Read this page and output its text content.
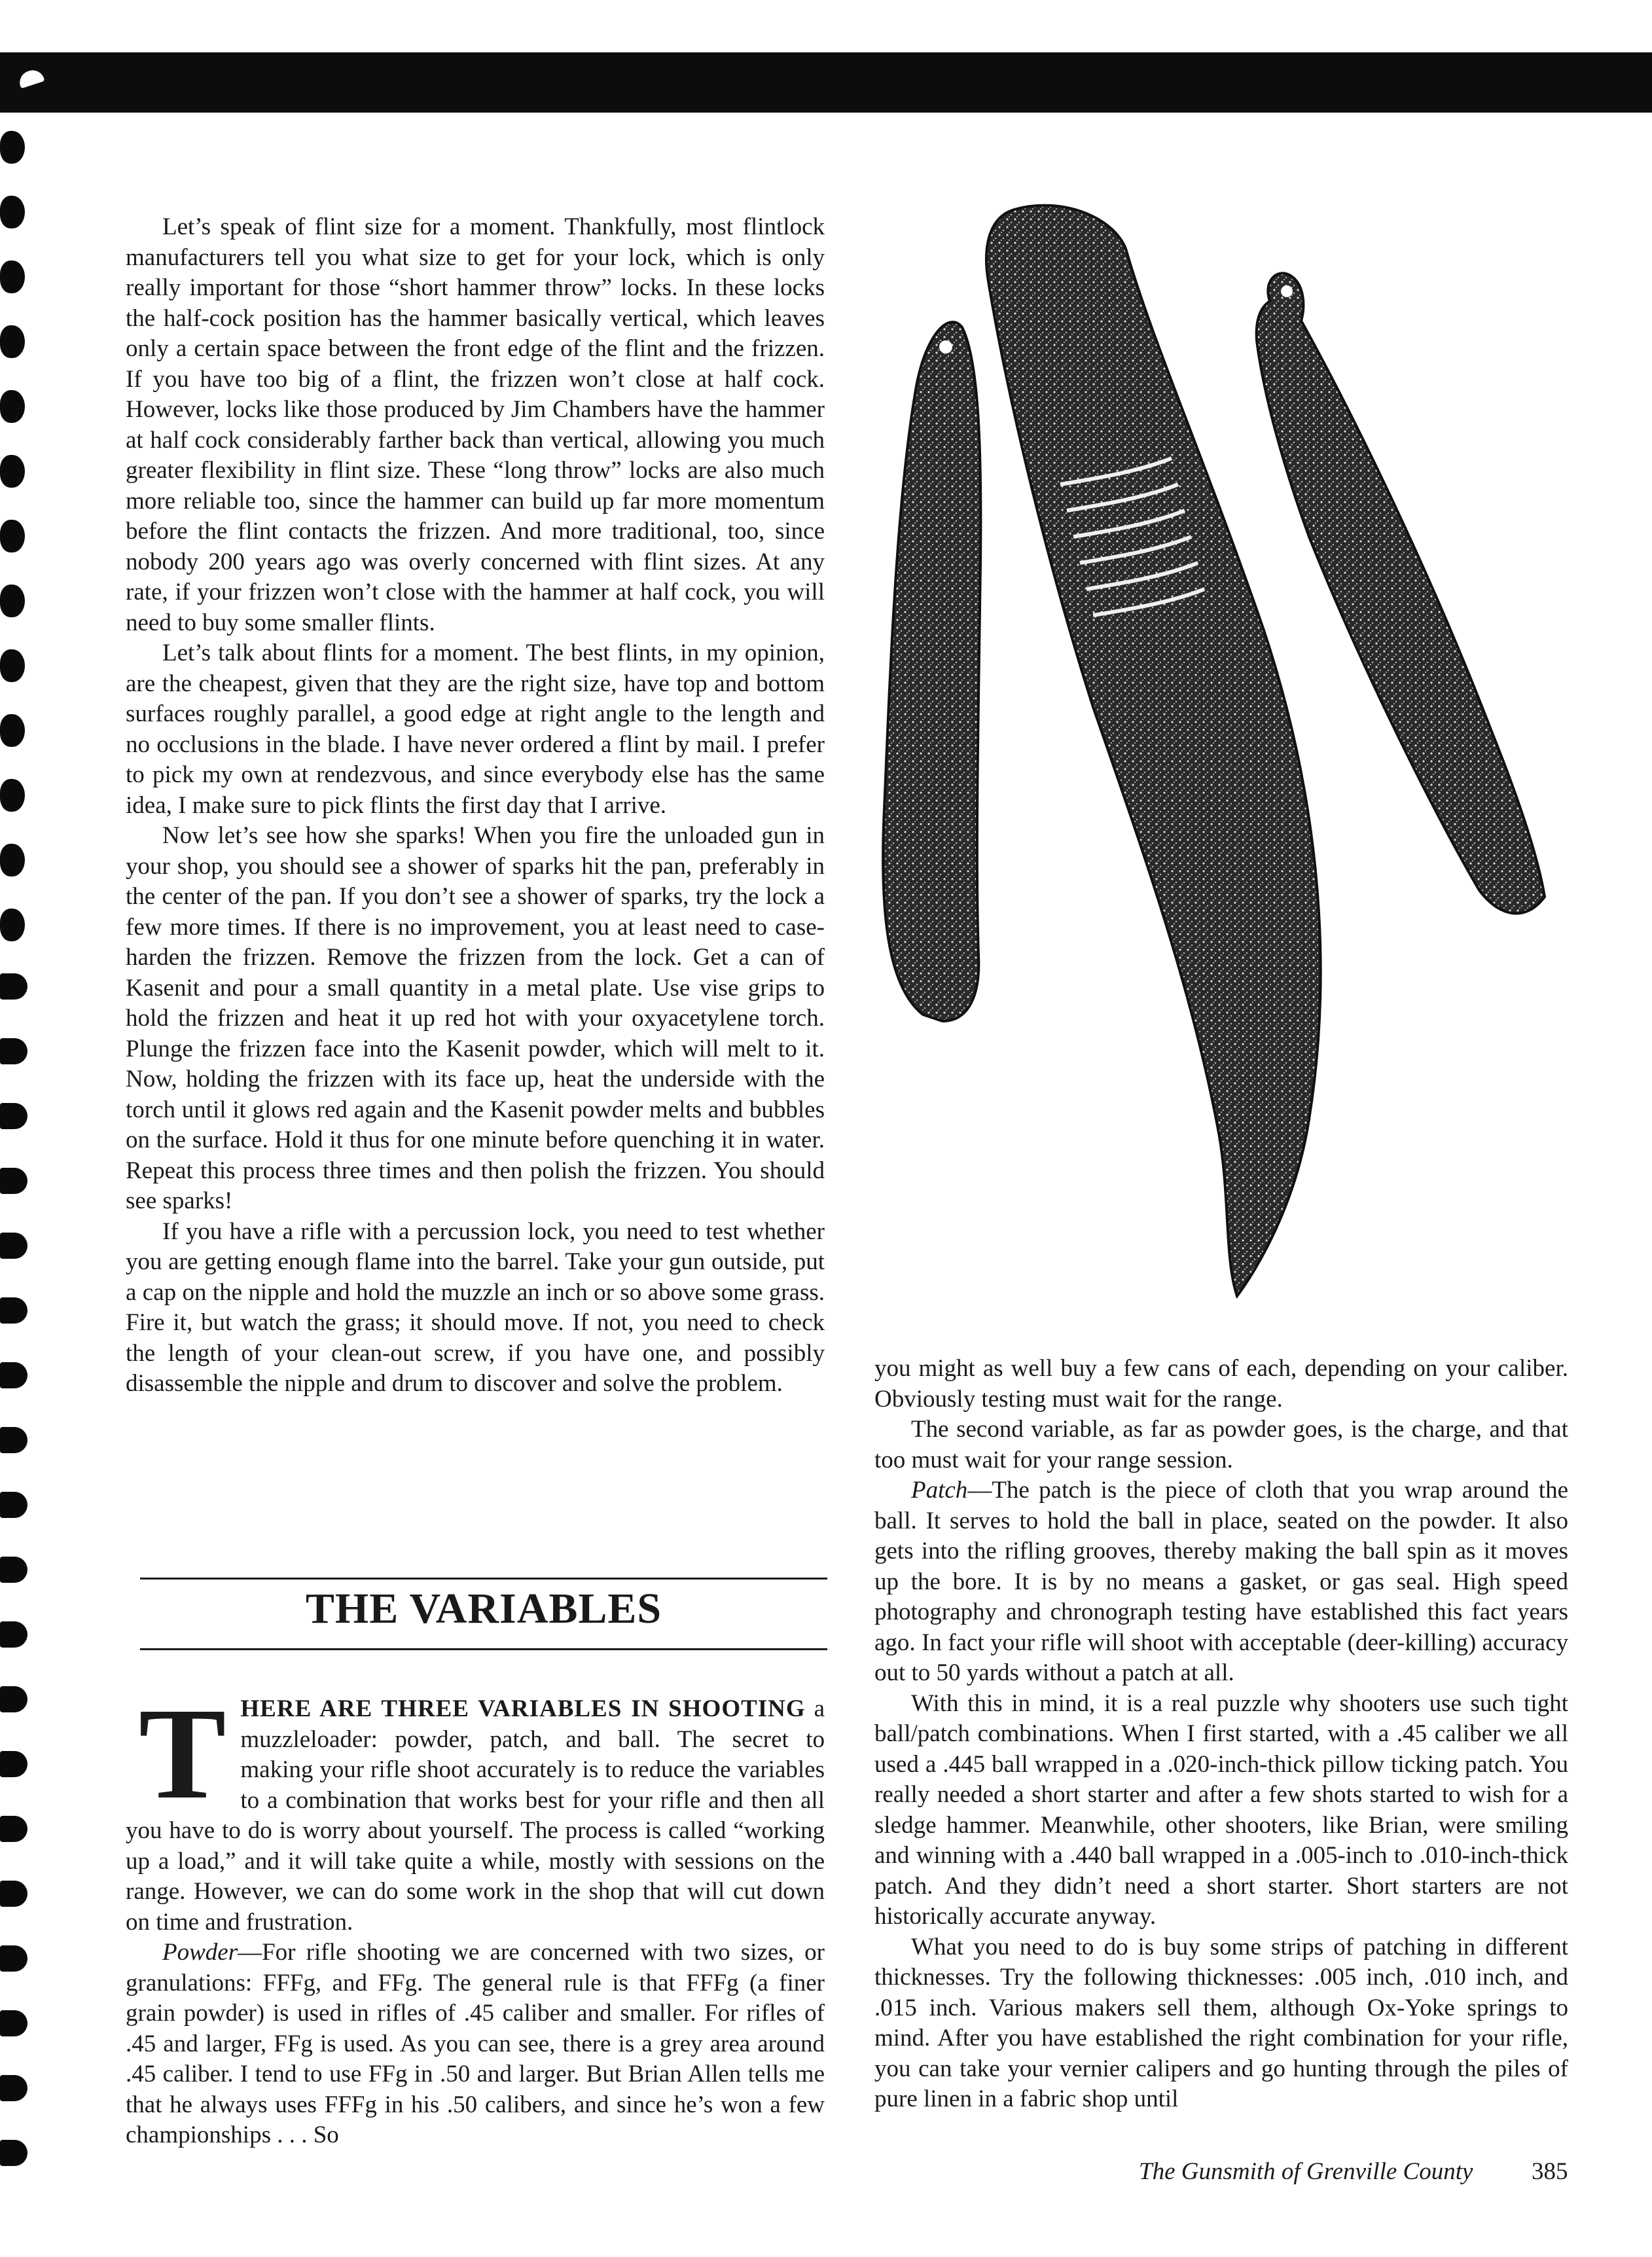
Let’s speak of flint size for a moment. Thankfully, most flintlock manufacturers tell you what size to get for your lock, which is only really important for those “short hammer throw” locks. In these locks the half-cock position has the hammer basically vertical, which leaves only a certain space between the front edge of the flint and the frizzen. If you have too big of a flint, the frizzen won’t close at half cock. However, locks like those produced by Jim Chambers have the hammer at half cock considerably farther back than vertical, allowing you much greater flexibility in flint size. These “long throw” locks are also much more reliable too, since the hammer can build up far more momentum before the flint contacts the frizzen. And more traditional, too, since nobody 200 years ago was overly concerned with flint sizes. At any rate, if your frizzen won’t close with the hammer at half cock, you will need to buy some smaller flints.

Let’s talk about flints for a moment. The best flints, in my opinion, are the cheapest, given that they are the right size, have top and bottom surfaces roughly parallel, a good edge at right angle to the length and no occlusions in the blade. I have never ordered a flint by mail. I prefer to pick my own at rendezvous, and since everybody else has the same idea, I make sure to pick flints the first day that I arrive.

Now let’s see how she sparks! When you fire the unloaded gun in your shop, you should see a shower of sparks hit the pan, preferably in the center of the pan. If you don’t see a shower of sparks, try the lock a few more times. If there is no improvement, you at least need to case-harden the frizzen. Remove the frizzen from the lock. Get a can of Kasenit and pour a small quantity in a metal plate. Use vise grips to hold the frizzen and heat it up red hot with your oxyacetylene torch. Plunge the frizzen face into the Kasenit powder, which will melt to it. Now, holding the frizzen with its face up, heat the underside with the torch until it glows red again and the Kasenit powder melts and bubbles on the surface. Hold it thus for one minute before quenching it in water. Repeat this process three times and then polish the frizzen. You should see sparks!

If you have a rifle with a percussion lock, you need to test whether you are getting enough flame into the barrel. Take your gun outside, put a cap on the nipple and hold the muzzle an inch or so above some grass. Fire it, but watch the grass; it should move. If not, you need to check the length of your clean-out screw, if you have one, and possibly disassemble the nipple and drum to discover and solve the problem.

THE VARIABLES

THERE ARE THREE VARIABLES IN SHOOTING a muzzleloader: powder, patch, and ball. The secret to making your rifle shoot accurately is to reduce the variables to a combination that works best for your rifle and then all you have to do is worry about yourself. The process is called “working up a load,” and it will take quite a while, mostly with sessions on the range. However, we can do some work in the shop that will cut down on time and frustration.

Powder—For rifle shooting we are concerned with two sizes, or granulations: FFFg, and FFg. The general rule is that FFFg (a finer grain powder) is used in rifles of .45 caliber and smaller. For rifles of .45 and larger, FFg is used. As you can see, there is a grey area around .45 caliber. I tend to use FFg in .50 and larger. But Brian Allen tells me that he always uses FFFg in his .50 calibers, and since he’s won a few championships . . . So

you might as well buy a few cans of each, depending on your caliber. Obviously testing must wait for the range.

The second variable, as far as powder goes, is the charge, and that too must wait for your range session.

Patch—The patch is the piece of cloth that you wrap around the ball. It serves to hold the ball in place, seated on the powder. It also gets into the rifling grooves, thereby making the ball spin as it moves up the bore. It is by no means a gasket, or gas seal. High speed photography and chronograph testing have established this fact years ago. In fact your rifle will shoot with acceptable (deer-killing) accuracy out to 50 yards without a patch at all.

With this in mind, it is a real puzzle why shooters use such tight ball/patch combinations. When I first started, with a .45 caliber we all used a .445 ball wrapped in a .020-inch-thick pillow ticking patch. You really needed a short starter and after a few shots started to wish for a sledge hammer. Meanwhile, other shooters, like Brian, were smiling and winning with a .440 ball wrapped in a .005-inch to .010-inch-thick patch. And they didn’t need a short starter. Short starters are not historically accurate anyway.

What you need to do is buy some strips of patching in different thicknesses. Try the following thicknesses: .005 inch, .010 inch, and .015 inch. Various makers sell them, although Ox-Yoke springs to mind. After you have established the right combination for your rifle, you can take your vernier calipers and go hunting through the piles of pure linen in a fabric shop until

The Gunsmith of Grenville County 385
